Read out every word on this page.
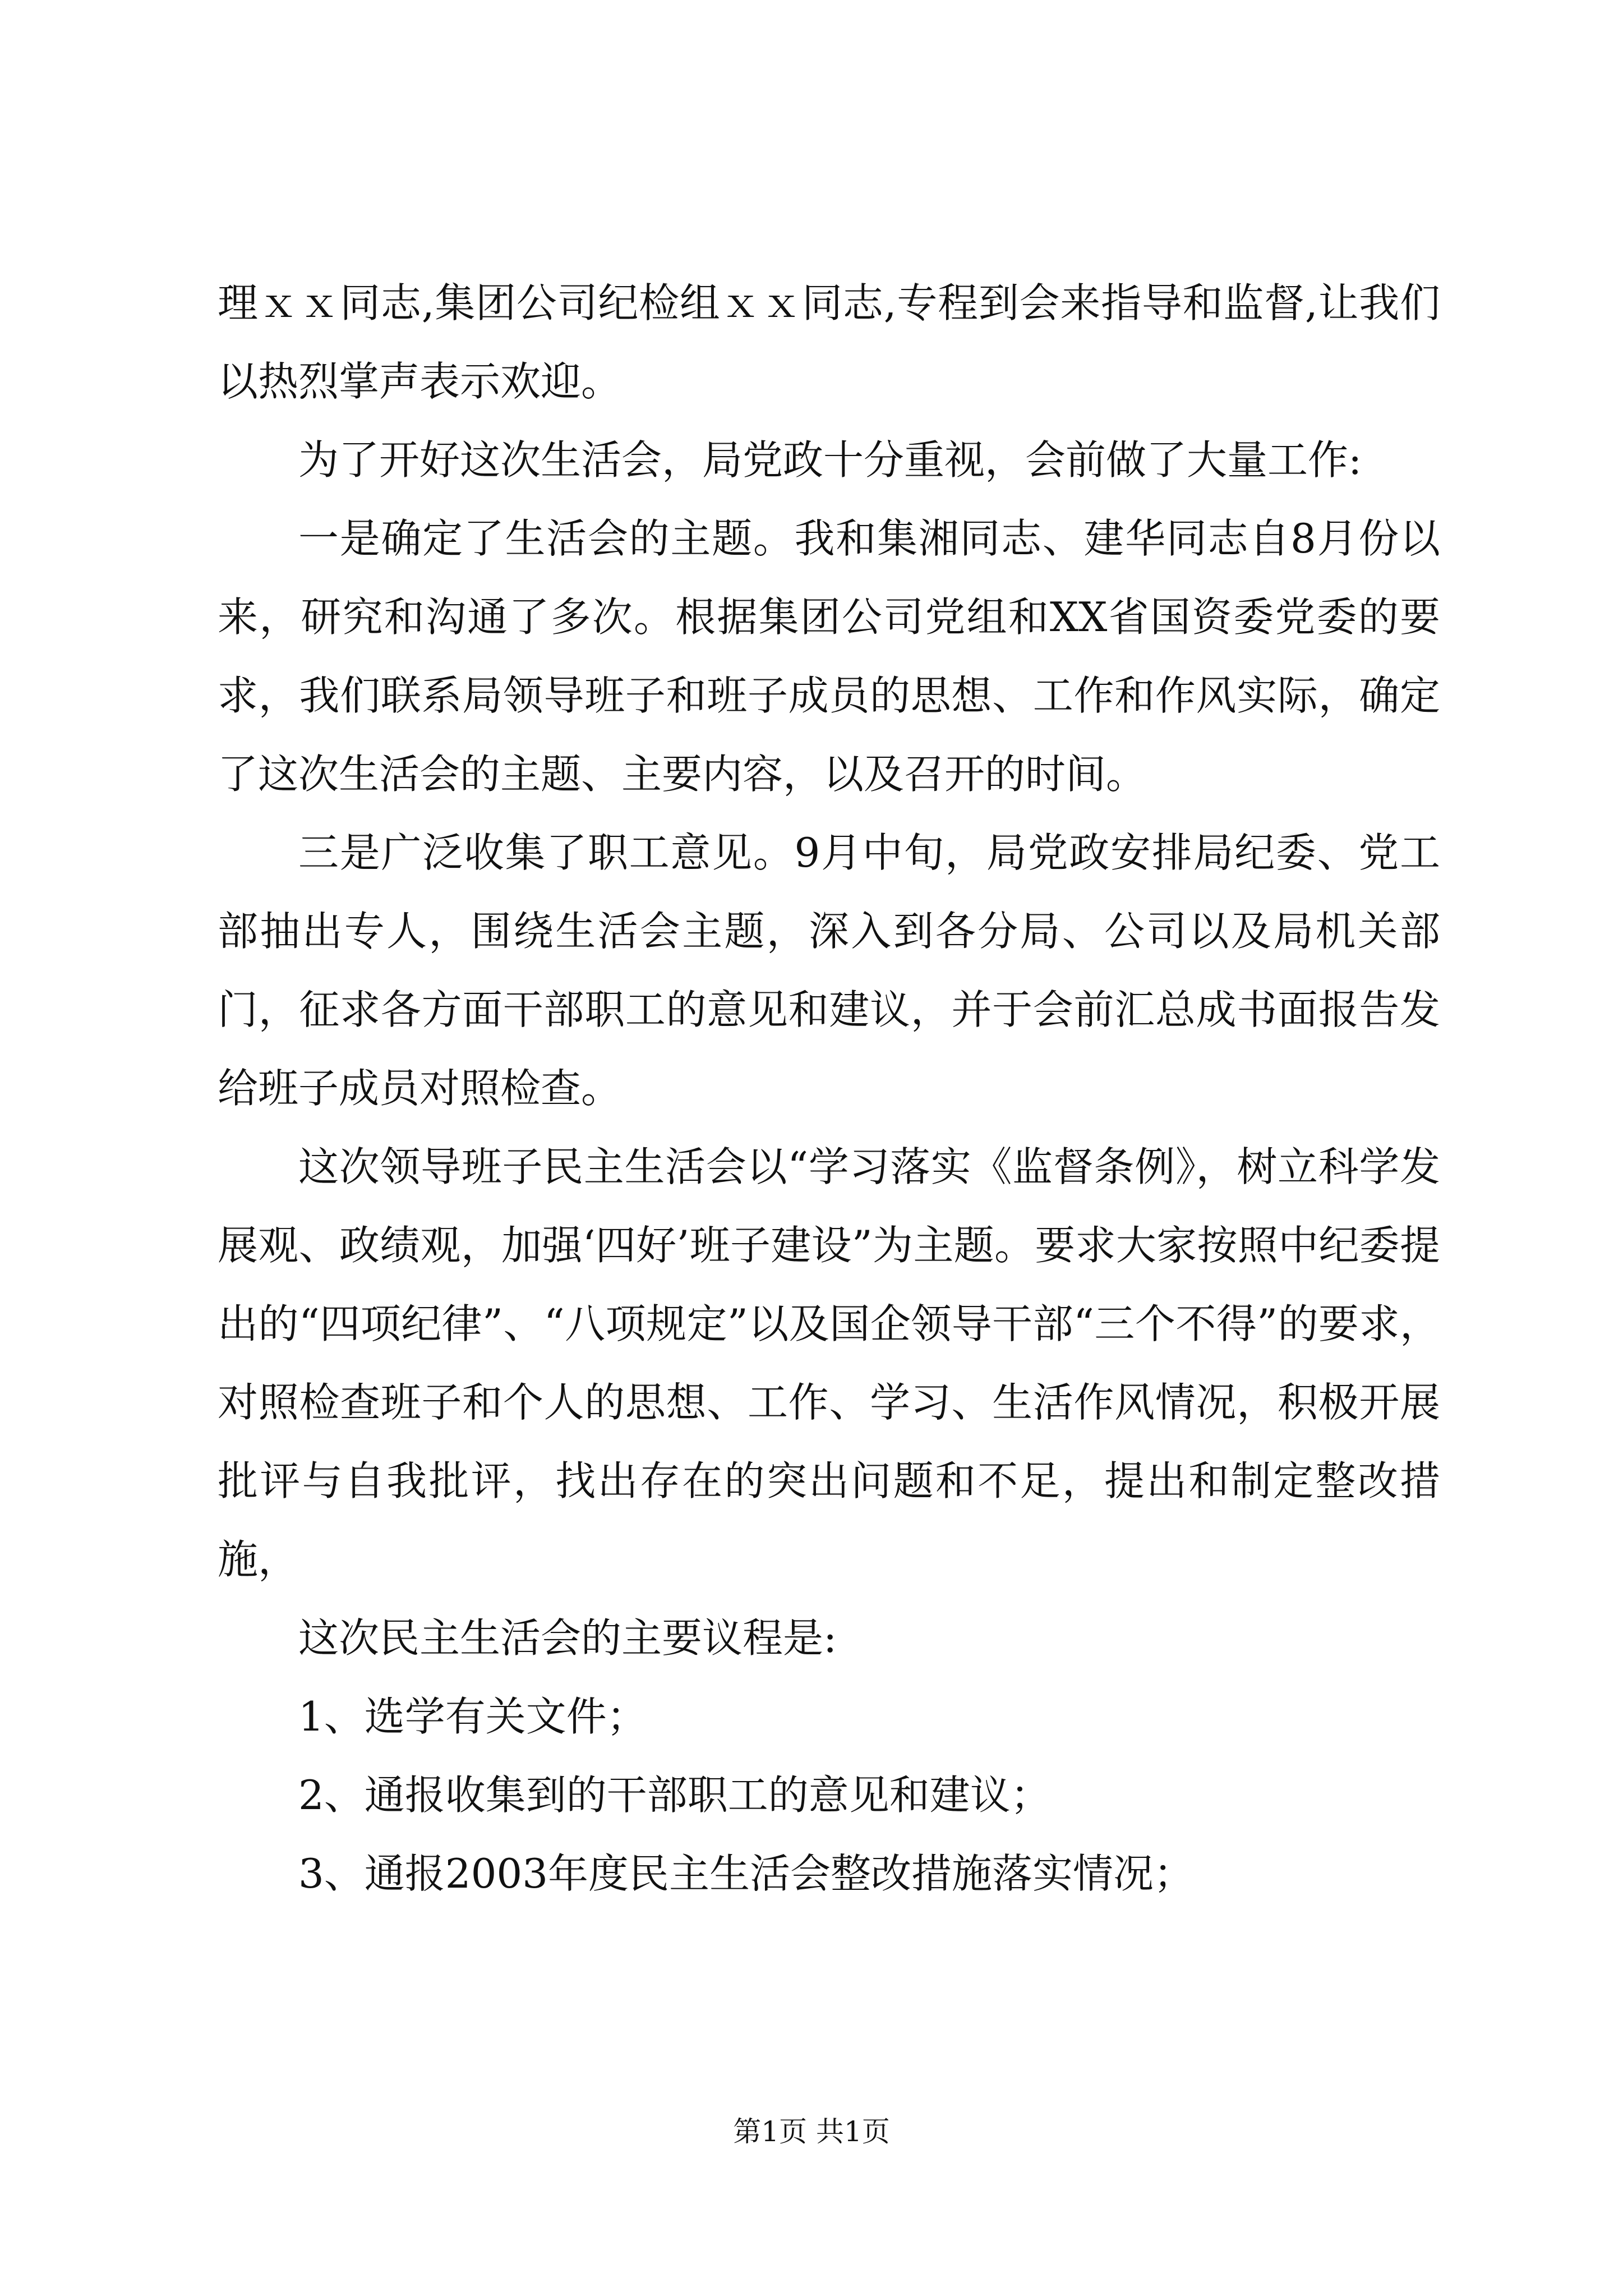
理ｘｘ同志,集团公司纪检组ｘｘ同志,专程到会来指导和监督,让我们以热烈掌声表示欢迎。

为了开好这次生活会，局党政十分重视，会前做了大量工作:

一是确定了生活会的主题。我和集湘同志、建华同志自8月份以来，研究和沟通了多次。根据集团公司党组和XX省国资委党委的要求，我们联系局领导班子和班子成员的思想、工作和作风实际，确定了这次生活会的主题、主要内容，以及召开的时间。

三是广泛收集了职工意见。9月中旬，局党政安排局纪委、党工部抽出专人，围绕生活会主题，深入到各分局、公司以及局机关部门，征求各方面干部职工的意见和建议，并于会前汇总成书面报告发给班子成员对照检查。

这次领导班子民主生活会以“学习落实《监督条例》，树立科学发展观、政绩观，加强‘四好’班子建设”为主题。要求大家按照中纪委提出的“四项纪律”、“八项规定”以及国企领导干部“三个不得”的要求，对照检查班子和个人的思想、工作、学习、生活作风情况，积极开展批评与自我批评，找出存在的突出问题和不足，提出和制定整改措施，

这次民主生活会的主要议程是:

1、选学有关文件；

2、通报收集到的干部职工的意见和建议；

3、通报2003年度民主生活会整改措施落实情况；

第1页 共1页
